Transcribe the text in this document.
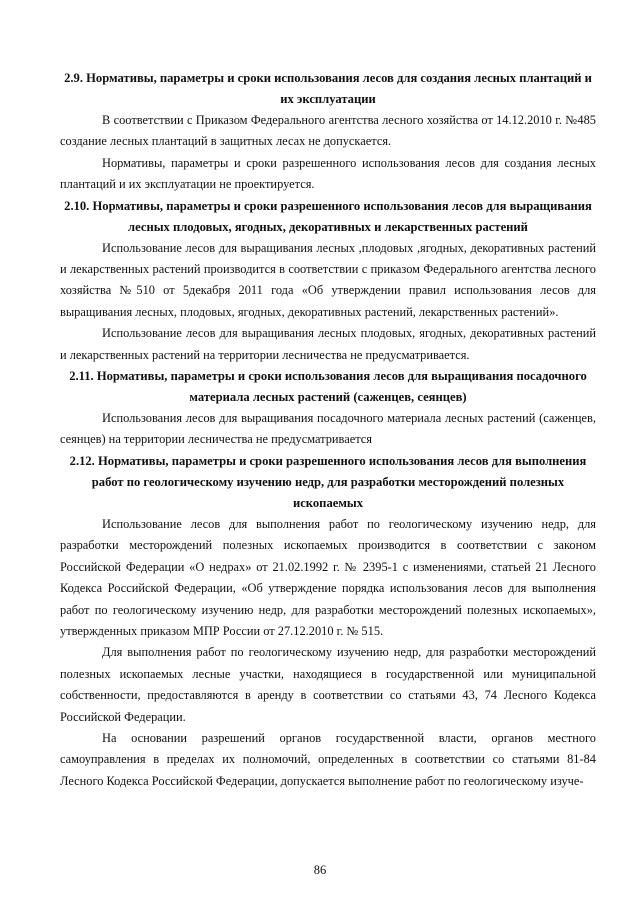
2.9. Нормативы, параметры и сроки использования лесов для создания лесных плантаций и их эксплуатации

В соответствии с Приказом Федерального агентства лесного хозяйства от 14.12.2010 г. №485 создание лесных плантаций в защитных лесах не допускается.

Нормативы, параметры и сроки разрешенного использования лесов для создания лесных плантаций и их эксплуатации не проектируется.

2.10. Нормативы, параметры и сроки разрешенного использования лесов для выращивания лесных плодовых, ягодных, декоративных и лекарственных растений

Использование лесов для выращивания лесных ,плодовых ,ягодных, декоративных растений и лекарственных растений производится в соответствии с приказом Федерального агентства лесного хозяйства №510 от 5декабря 2011 года «Об утверждении правил использования лесов для выращивания лесных, плодовых, ягодных, декоративных растений, лекарственных растений».

Использование лесов для выращивания лесных плодовых, ягодных, декоративных растений и лекарственных растений на территории лесничества не предусматривается.

2.11. Нормативы, параметры и сроки использования лесов для выращивания посадочного материала лесных растений (саженцев, сеянцев)

Использования лесов для выращивания посадочного материала лесных растений (саженцев, сеянцев) на территории лесничества не предусматривается

2.12. Нормативы, параметры и сроки разрешенного использования лесов для выполнения работ по геологическому изучению недр, для разработки месторождений полезных ископаемых

Использование лесов для выполнения работ по геологическому изучению недр, для разработки месторождений полезных ископаемых производится в соответствии с законом Российской Федерации «О недрах» от 21.02.1992 г. № 2395-1 с изменениями, статьей 21 Лесного Кодекса Российской Федерации, «Об утверждение порядка использования лесов для выполнения работ по геологическому изучению недр, для разработки месторождений полезных ископаемых», утвержденных приказом МПР России от 27.12.2010 г. № 515.

Для выполнения работ по геологическому изучению недр, для разработки месторождений полезных ископаемых лесные участки, находящиеся в государственной или муниципальной собственности, предоставляются в аренду в соответствии со статьями 43, 74 Лесного Кодекса Российской Федерации.

На основании разрешений органов государственной власти, органов местного самоуправления в пределах их полномочий, определенных в соответствии со статьями 81-84 Лесного Кодекса Российской Федерации, допускается выполнение работ по геологическому изуче-

86
